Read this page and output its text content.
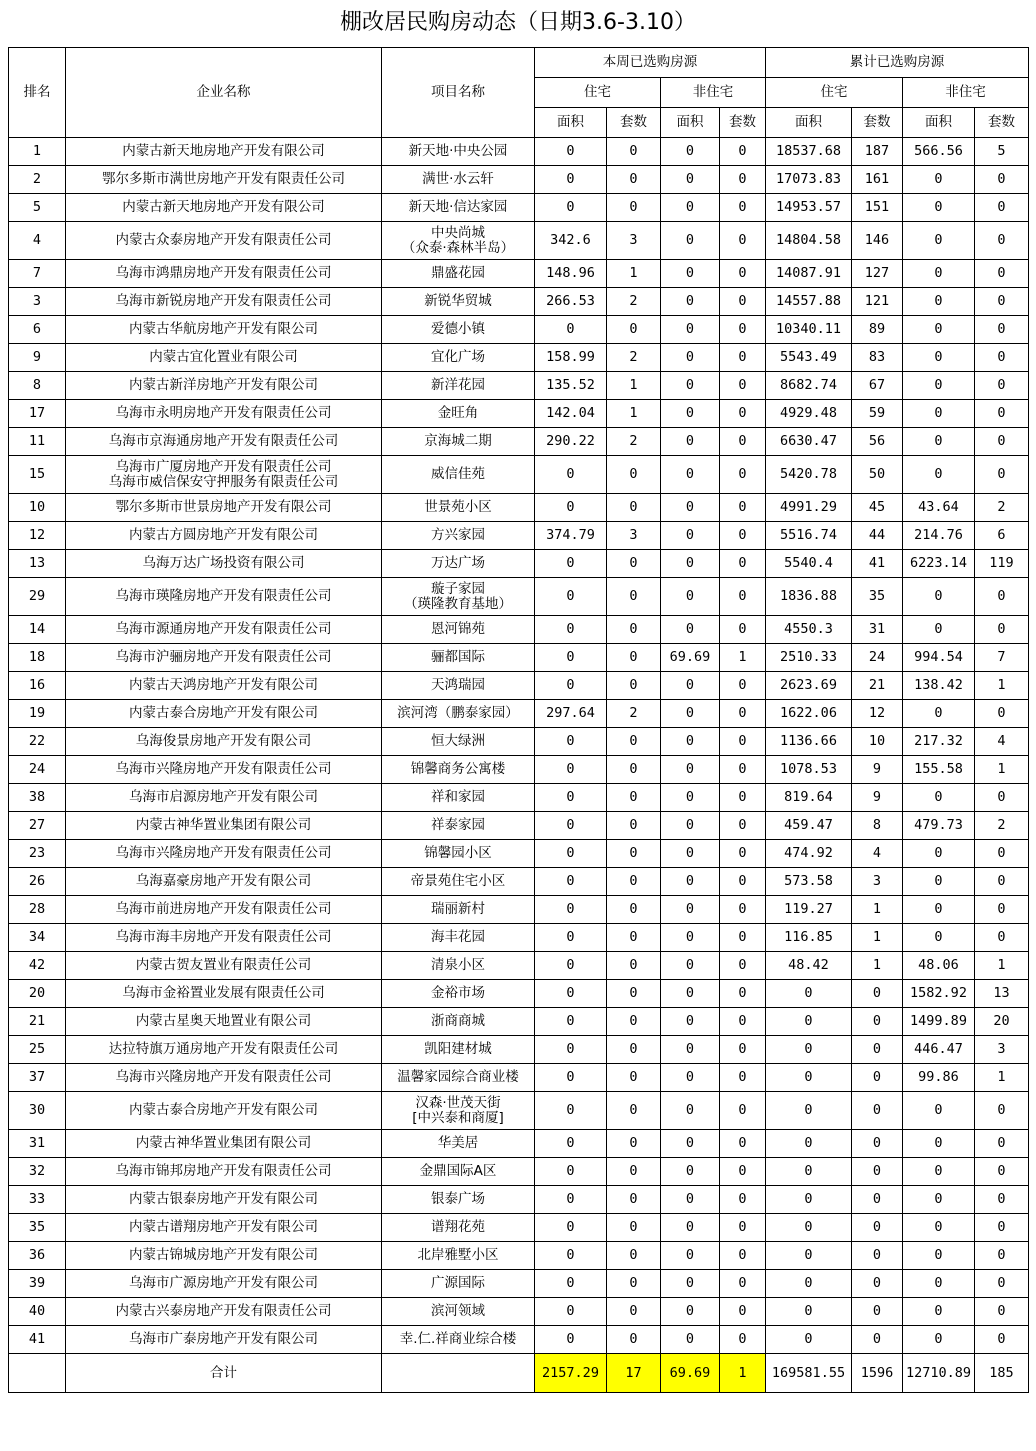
棚改居民购房动态（日期3.6-3.10）
排名	企业名称	项目名称	本周已选购房源				累计已选购房源			
			住宅		非住宅		住宅		非住宅	
			面积	套数	面积	套数	面积	套数	面积	套数
1	内蒙古新天地房地产开发有限公司	新天地·中央公园	0	0	0	0	18537.68	187	566.56	5
2	鄂尔多斯市满世房地产开发有限责任公司	满世·水云轩	0	0	0	0	17073.83	161	0	0
5	内蒙古新天地房地产开发有限公司	新天地·信达家园	0	0	0	0	14953.57	151	0	0
4	内蒙古众泰房地产开发有限责任公司	中央尚城
（众泰·森林半岛）	342.6	3	0	0	14804.58	146	0	0
7	乌海市鸿鼎房地产开发有限责任公司	鼎盛花园	148.96	1	0	0	14087.91	127	0	0
3	乌海市新锐房地产开发有限责任公司	新锐华贸城	266.53	2	0	0	14557.88	121	0	0
6	内蒙古华航房地产开发有限公司	爱德小镇	0	0	0	0	10340.11	89	0	0
9	内蒙古宜化置业有限公司	宜化广场	158.99	2	0	0	5543.49	83	0	0
8	内蒙古新洋房地产开发有限公司	新洋花园	135.52	1	0	0	8682.74	67	0	0
17	乌海市永明房地产开发有限责任公司	金旺角	142.04	1	0	0	4929.48	59	0	0
11	乌海市京海通房地产开发有限责任公司	京海城二期	290.22	2	0	0	6630.47	56	0	0
15	乌海市广厦房地产开发有限责任公司
乌海市威信保安守押服务有限责任公司	威信佳苑	0	0	0	0	5420.78	50	0	0
10	鄂尔多斯市世景房地产开发有限公司	世景苑小区	0	0	0	0	4991.29	45	43.64	2
12	内蒙古方圆房地产开发有限公司	方兴家园	374.79	3	0	0	5516.74	44	214.76	6
13	乌海万达广场投资有限公司	万达广场	0	0	0	0	5540.4	41	6223.14	119
29	乌海市瑛隆房地产开发有限责任公司	璇子家园
（瑛隆教育基地）	0	0	0	0	1836.88	35	0	0
14	乌海市源通房地产开发有限责任公司	恩河锦苑	0	0	0	0	4550.3	31	0	0
18	乌海市沪骊房地产开发有限责任公司	骊都国际	0	0	69.69	1	2510.33	24	994.54	7
16	内蒙古天鸿房地产开发有限公司	天鸿瑞园	0	0	0	0	2623.69	21	138.42	1
19	内蒙古泰合房地产开发有限公司	滨河湾（鹏泰家园）	297.64	2	0	0	1622.06	12	0	0
22	乌海俊景房地产开发有限公司	恒大绿洲	0	0	0	0	1136.66	10	217.32	4
24	乌海市兴隆房地产开发有限责任公司	锦馨商务公寓楼	0	0	0	0	1078.53	9	155.58	1
38	乌海市启源房地产开发有限公司	祥和家园	0	0	0	0	819.64	9	0	0
27	内蒙古神华置业集团有限公司	祥泰家园	0	0	0	0	459.47	8	479.73	2
23	乌海市兴隆房地产开发有限责任公司	锦馨园小区	0	0	0	0	474.92	4	0	0
26	乌海嘉豪房地产开发有限公司	帝景苑住宅小区	0	0	0	0	573.58	3	0	0
28	乌海市前进房地产开发有限责任公司	瑞丽新村	0	0	0	0	119.27	1	0	0
34	乌海市海丰房地产开发有限责任公司	海丰花园	0	0	0	0	116.85	1	0	0
42	内蒙古贺友置业有限责任公司	清泉小区	0	0	0	0	48.42	1	48.06	1
20	乌海市金裕置业发展有限责任公司	金裕市场	0	0	0	0	0	0	1582.92	13
21	内蒙古星奥天地置业有限公司	浙商商城	0	0	0	0	0	0	1499.89	20
25	达拉特旗万通房地产开发有限责任公司	凯阳建材城	0	0	0	0	0	0	446.47	3
37	乌海市兴隆房地产开发有限责任公司	温馨家园综合商业楼	0	0	0	0	0	0	99.86	1
30	内蒙古泰合房地产开发有限公司	汉森·世茂天街
[中兴泰和商厦]	0	0	0	0	0	0	0	0
31	内蒙古神华置业集团有限公司	华美居	0	0	0	0	0	0	0	0
32	乌海市锦邦房地产开发有限责任公司	金鼎国际A区	0	0	0	0	0	0	0	0
33	内蒙古银泰房地产开发有限公司	银泰广场	0	0	0	0	0	0	0	0
35	内蒙古谱翔房地产开发有限公司	谱翔花苑	0	0	0	0	0	0	0	0
36	内蒙古锦城房地产开发有限公司	北岸雅墅小区	0	0	0	0	0	0	0	0
39	乌海市广源房地产开发有限公司	广源国际	0	0	0	0	0	0	0	0
40	内蒙古兴泰房地产开发有限责任公司	滨河领域	0	0	0	0	0	0	0	0
41	乌海市广泰房地产开发有限公司	幸.仁.祥商业综合楼	0	0	0	0	0	0	0	0
	合计		2157.29	17	69.69	1	169581.55	1596	12710.89	185
